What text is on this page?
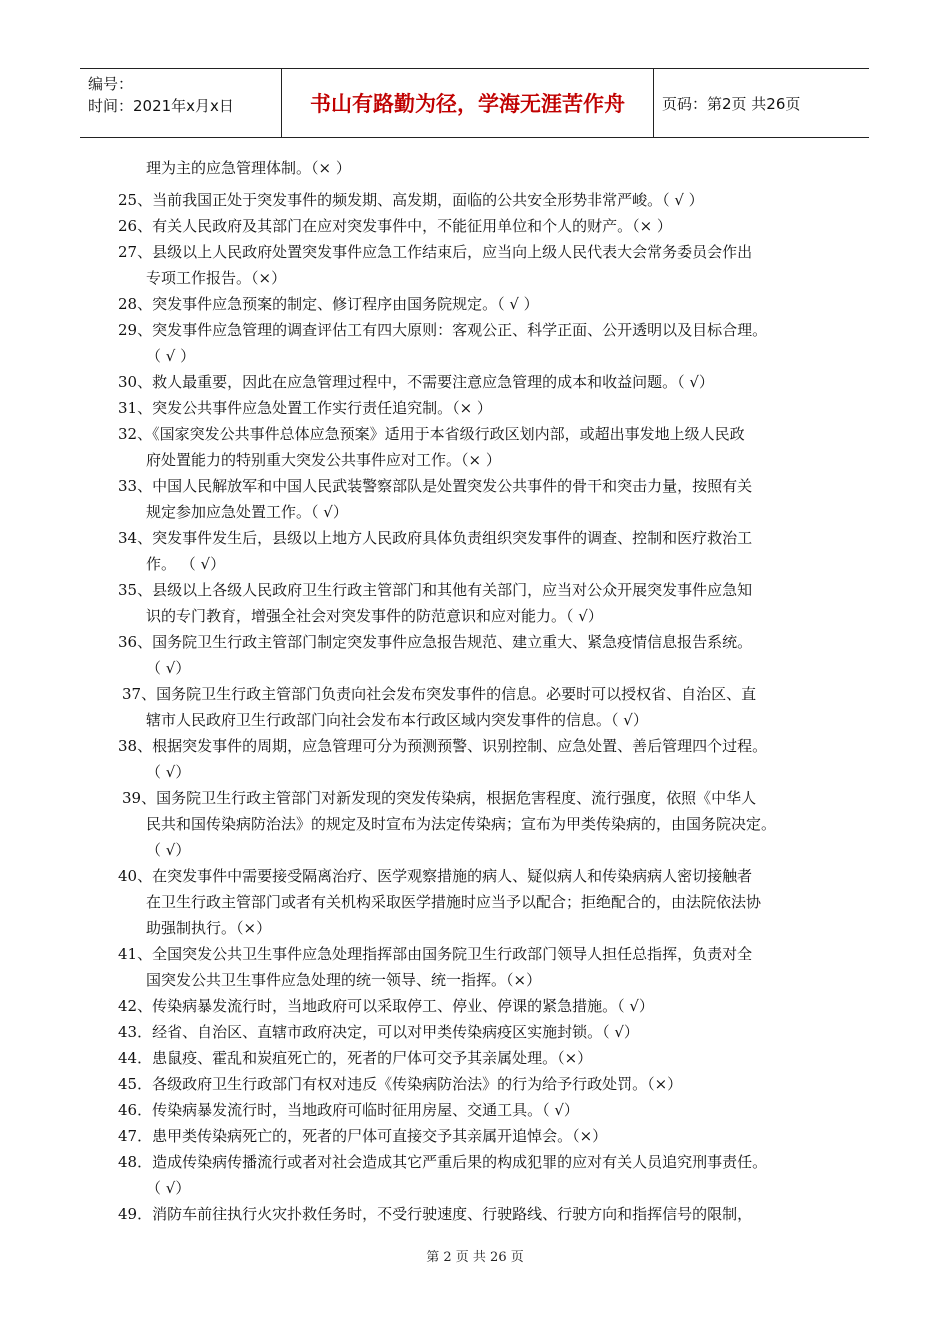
编号：
时间：2021年x月x日	书山有路勤为径，学海无涯苦作舟	页码：第2页 共26页
理为主的应急管理体制。（× ）
25、当前我国正处于突发事件的频发期、高发期，面临的公共安全形势非常严峻。（ √ ）
26、有关人民政府及其部门在应对突发事件中，不能征用单位和个人的财产。（× ）
27、县级以上人民政府处置突发事件应急工作结束后，应当向上级人民代表大会常务委员会作出
专项工作报告。（×）
28、突发事件应急预案的制定、修订程序由国务院规定。（ √ ）
29、突发事件应急管理的调查评估工有四大原则：客观公正、科学正面、公开透明以及目标合理。
（ √ ）
30、救人最重要，因此在应急管理过程中，不需要注意应急管理的成本和收益问题。（ √）
31、突发公共事件应急处置工作实行责任追究制。（× ）
32、《国家突发公共事件总体应急预案》适用于本省级行政区划内部，或超出事发地上级人民政
府处置能力的特别重大突发公共事件应对工作。（× ）
33、中国人民解放军和中国人民武装警察部队是处置突发公共事件的骨干和突击力量，按照有关
规定参加应急处置工作。（ √）
34、突发事件发生后，县级以上地方人民政府具体负责组织突发事件的调查、控制和医疗救治工
作。 （ √）
35、县级以上各级人民政府卫生行政主管部门和其他有关部门，应当对公众开展突发事件应急知
识的专门教育，增强全社会对突发事件的防范意识和应对能力。（ √）
36、国务院卫生行政主管部门制定突发事件应急报告规范、建立重大、紧急疫情信息报告系统。
（ √）
37、国务院卫生行政主管部门负责向社会发布突发事件的信息。必要时可以授权省、自治区、直
辖市人民政府卫生行政部门向社会发布本行政区域内突发事件的信息。（ √）
38、根据突发事件的周期，应急管理可分为预测预警、识别控制、应急处置、善后管理四个过程。
（ √）
39、国务院卫生行政主管部门对新发现的突发传染病，根据危害程度、流行强度，依照《中华人
民共和国传染病防治法》的规定及时宣布为法定传染病；宣布为甲类传染病的，由国务院决定。
（ √）
40、在突发事件中需要接受隔离治疗、医学观察措施的病人、疑似病人和传染病病人密切接触者
在卫生行政主管部门或者有关机构采取医学措施时应当予以配合；拒绝配合的，由法院依法协
助强制执行。（×）
41、全国突发公共卫生事件应急处理指挥部由国务院卫生行政部门领导人担任总指挥，负责对全
国突发公共卫生事件应急处理的统一领导、统一指挥。（×）
42、传染病暴发流行时，当地政府可以采取停工、停业、停课的紧急措施。（ √）
43．经省、自治区、直辖市政府决定，可以对甲类传染病疫区实施封锁。（ √）
44．患鼠疫、霍乱和炭疽死亡的，死者的尸体可交予其亲属处理。（×）
45．各级政府卫生行政部门有权对违反《传染病防治法》的行为给予行政处罚。（×）
46．传染病暴发流行时，当地政府可临时征用房屋、交通工具。（ √）
47．患甲类传染病死亡的，死者的尸体可直接交予其亲属开追悼会。（×）
48．造成传染病传播流行或者对社会造成其它严重后果的构成犯罪的应对有关人员追究刑事责任。
（ √）
49．消防车前往执行火灾扑救任务时，不受行驶速度、行驶路线、行驶方向和指挥信号的限制，
第 2 页 共 26 页
